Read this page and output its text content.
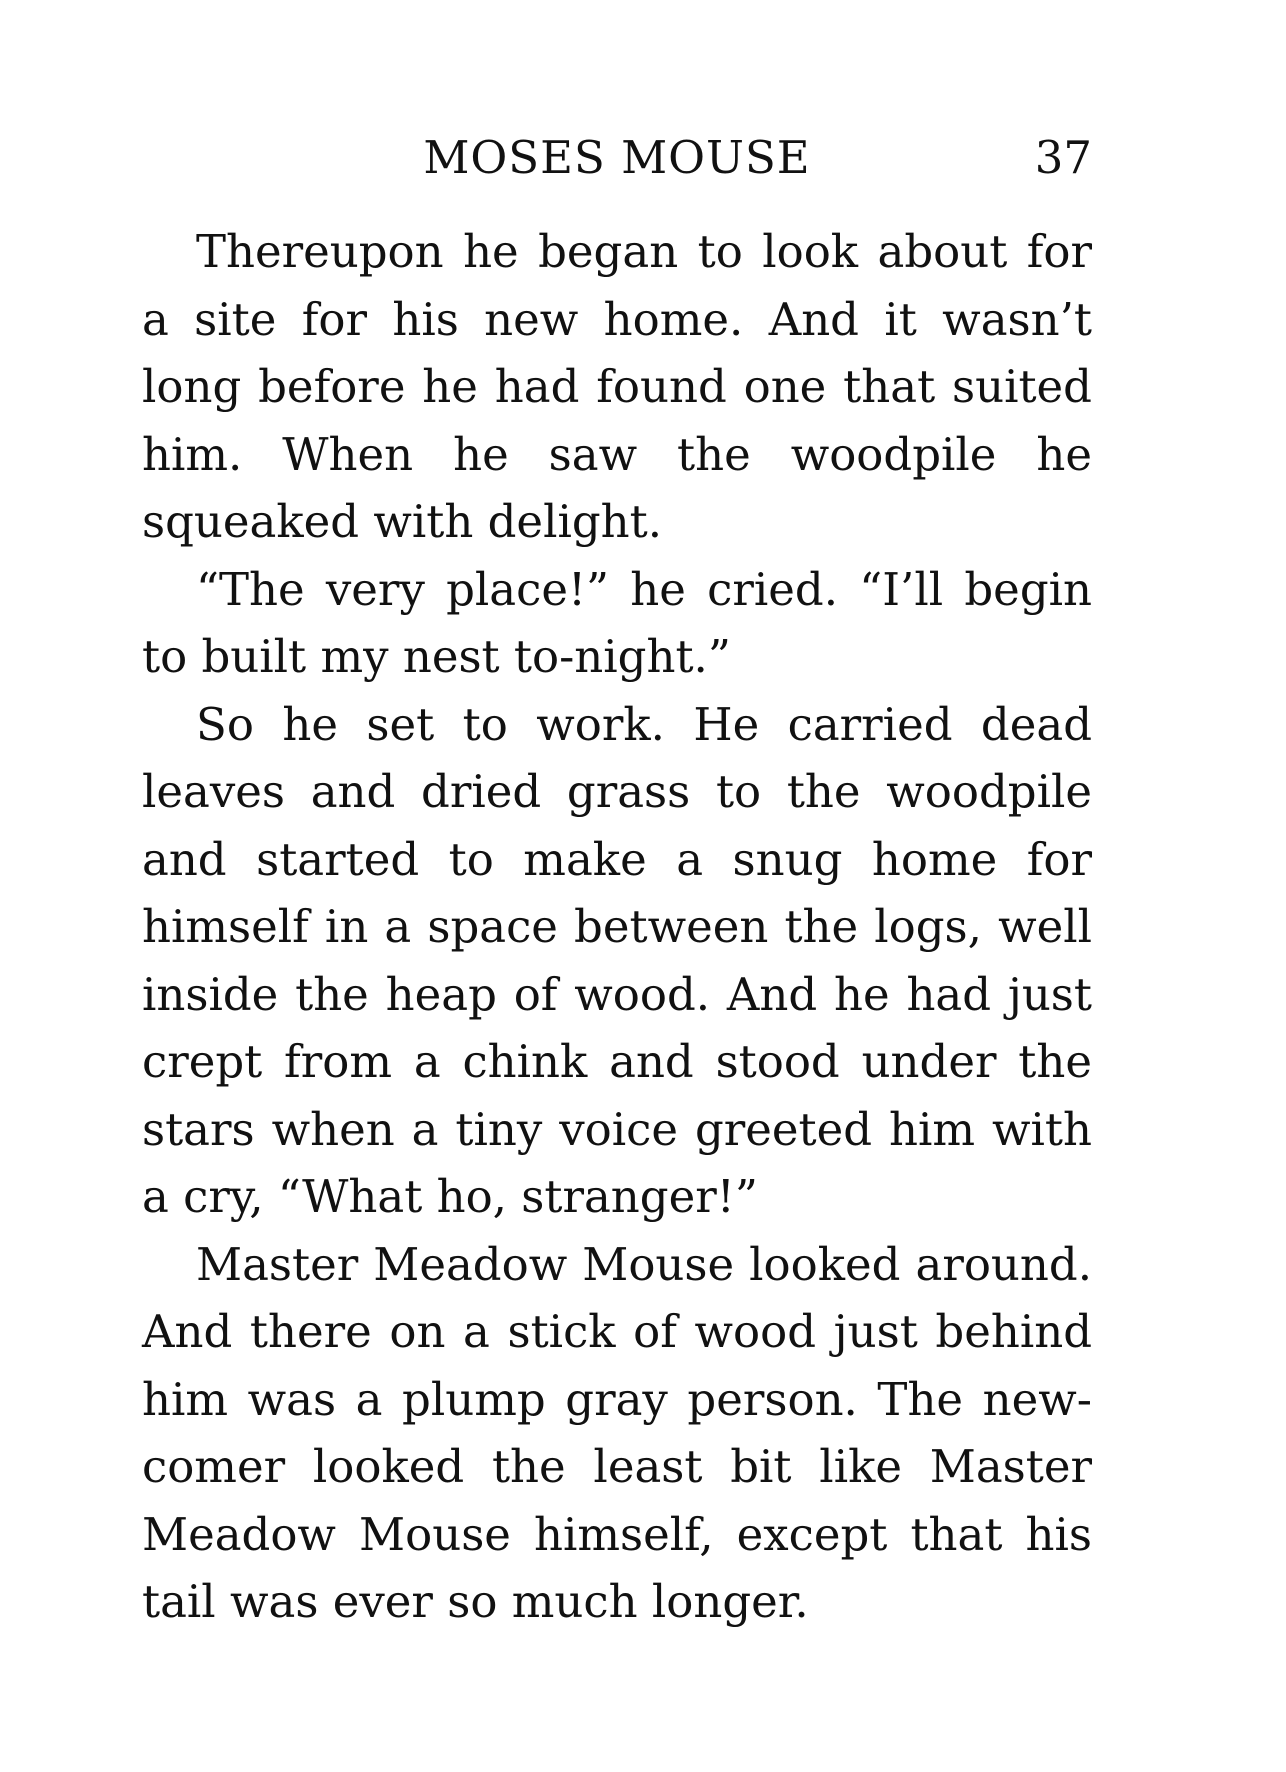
MOSES MOUSE	37

Thereupon he began to look about for a site for his new home. And it wasn’t long before he had found one that suited him. When he saw the woodpile he squeaked with delight.

“The very place!” he cried. “I’ll begin to built my nest to-night.”

So he set to work. He carried dead leaves and dried grass to the woodpile and started to make a snug home for himself in a space between the logs, well inside the heap of wood. And he had just crept from a chink and stood under the stars when a tiny voice greeted him with a cry, “What ho, stranger!”

Master Meadow Mouse looked around. And there on a stick of wood just behind him was a plump gray person. The newcomer looked the least bit like Master Meadow Mouse himself, except that his tail was ever so much longer.
